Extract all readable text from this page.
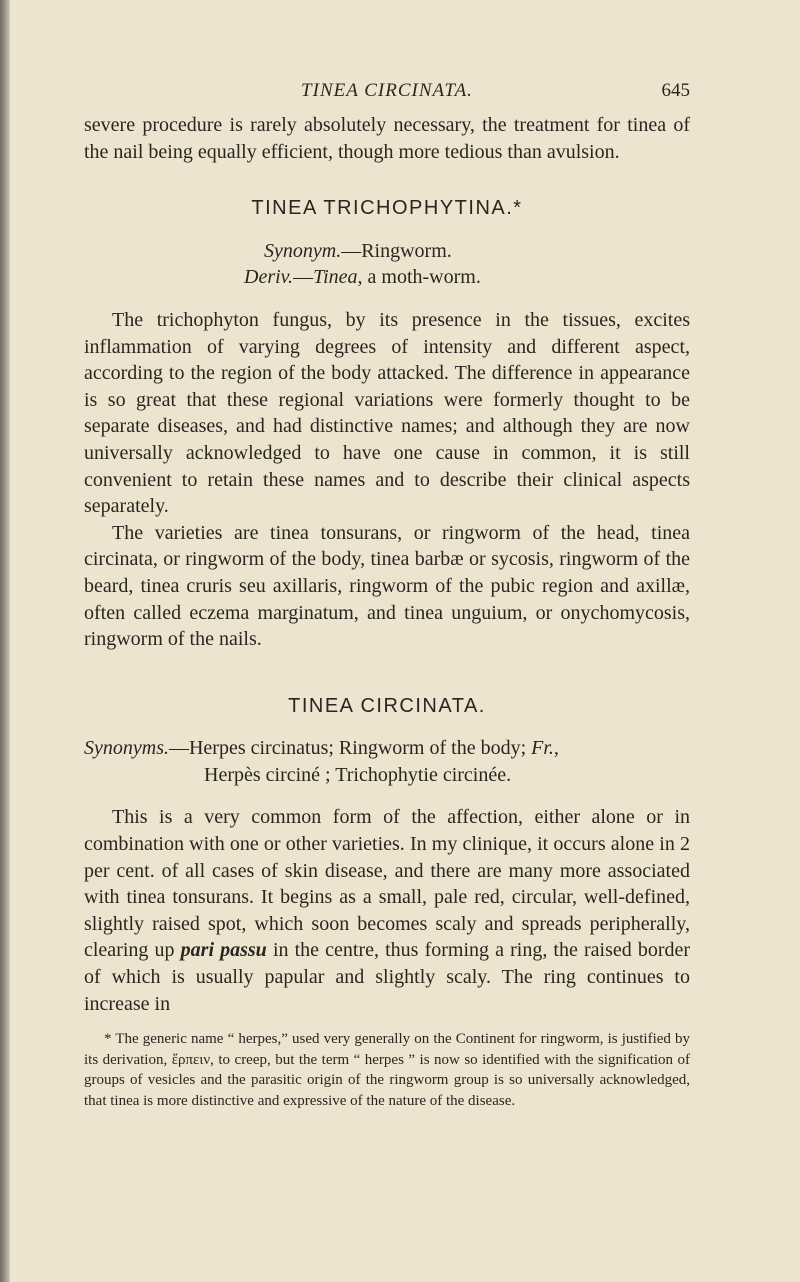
TINEA CIRCINATA.	645

severe procedure is rarely absolutely necessary, the treatment for tinea of the nail being equally efficient, though more tedious than avulsion.

TINEA TRICHOPHYTINA.*
Synonym.—Ringworm.
Deriv.—Tinea, a moth-worm.

The trichophyton fungus, by its presence in the tissues, excites inflammation of varying degrees of intensity and different aspect, according to the region of the body attacked. The difference in appearance is so great that these regional variations were formerly thought to be separate diseases, and had distinctive names; and although they are now universally acknowledged to have one cause in common, it is still convenient to retain these names and to describe their clinical aspects separately.

The varieties are tinea tonsurans, or ringworm of the head, tinea circinata, or ringworm of the body, tinea barbæ or sycosis, ringworm of the beard, tinea cruris seu axillaris, ringworm of the pubic region and axillæ, often called eczema marginatum, and tinea unguium, or onychomycosis, ringworm of the nails.

TINEA CIRCINATA.
Synonyms.—Herpes circinatus; Ringworm of the body; Fr.,
Herpès circiné ; Trichophytie circinée.

This is a very common form of the affection, either alone or in combination with one or other varieties. In my clinique, it occurs alone in 2 per cent. of all cases of skin disease, and there are many more associated with tinea tonsurans. It begins as a small, pale red, circular, well-defined, slightly raised spot, which soon becomes scaly and spreads peripherally, clearing up pari passu in the centre, thus forming a ring, the raised border of which is usually papular and slightly scaly. The ring continues to increase in

* The generic name “ herpes,” used very generally on the Continent for ringworm, is justified by its derivation, ἕρπειν, to creep, but the term “ herpes ” is now so identified with the signification of groups of vesicles and the parasitic origin of the ringworm group is so universally acknowledged, that tinea is more distinctive and expressive of the nature of the disease.
